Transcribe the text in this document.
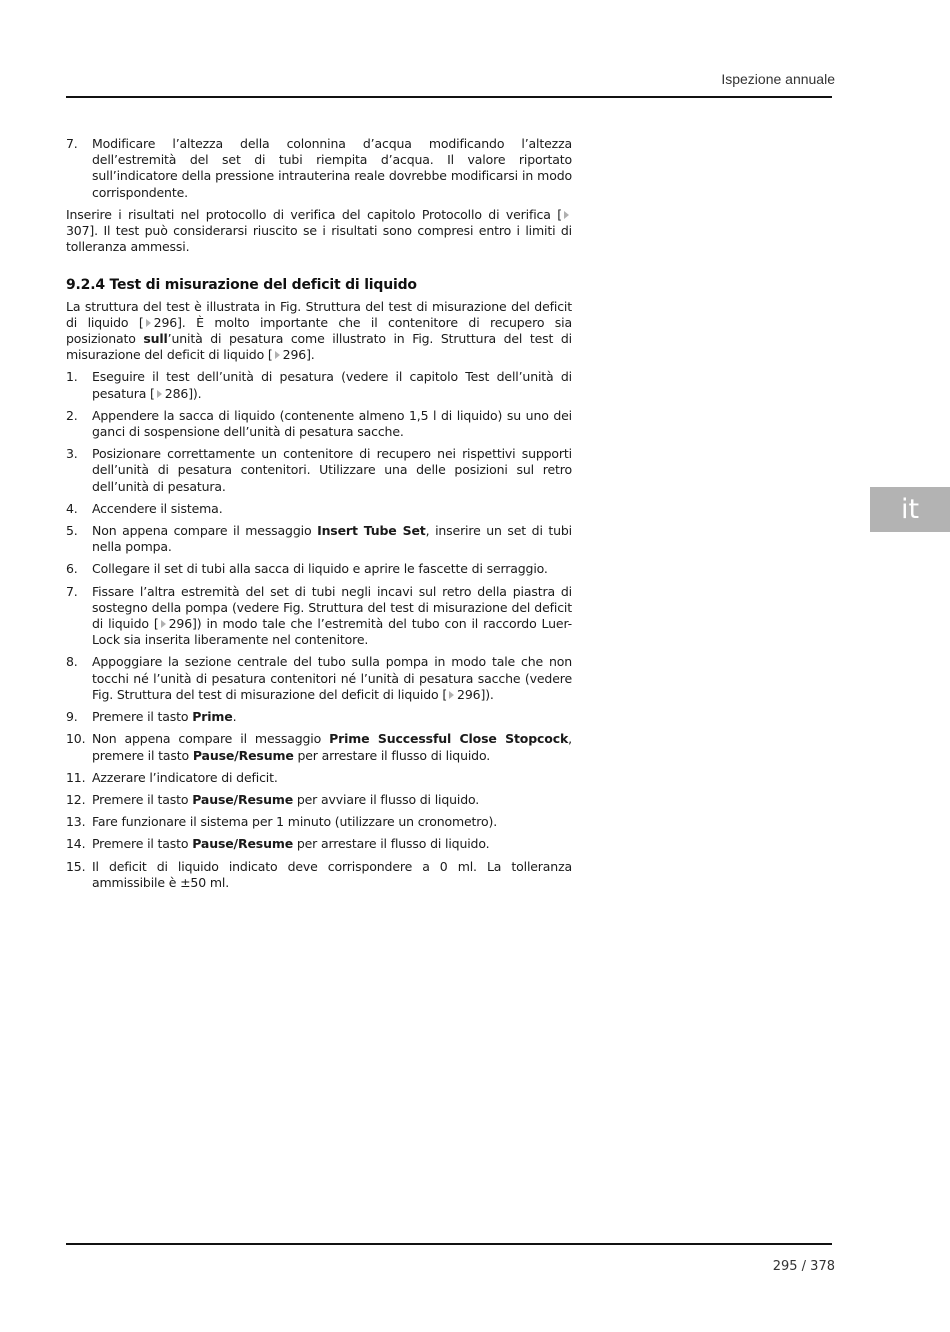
Ispezione annuale
it
7. Modificare l’altezza della colonnina d’acqua modificando l’altezza dell’estremità del set di tubi riempita d’acqua. Il valore riportato sull’indicatore della pressione intrauterina reale dovrebbe modificarsi in modo corrispondente.

Inserire i risultati nel protocollo di verifica del capitolo Protocollo di verifica [307]. Il test può considerarsi riuscito se i risultati sono compresi entro i limiti di tolleranza ammessi.

9.2.4 Test di misurazione del deficit di liquido

La struttura del test è illustrata in Fig. Struttura del test di misurazione del deficit di liquido [ 296]. È molto importante che il contenitore di recupero sia posizionato sull’unità di pesatura come illustrato in Fig. Struttura del test di misurazione del deficit di liquido [ 296].

1. Eseguire il test dell’unità di pesatura (vedere il capitolo Test dell’unità di pesatura [ 286]).
2. Appendere la sacca di liquido (contenente almeno 1,5 l di liquido) su uno dei ganci di sospensione dell’unità di pesatura sacche.
3. Posizionare correttamente un contenitore di recupero nei rispettivi supporti dell’unità di pesatura contenitori. Utilizzare una delle posizioni sul retro dell’unità di pesatura.
4. Accendere il sistema.
5. Non appena compare il messaggio Insert Tube Set, inserire un set di tubi nella pompa.
6. Collegare il set di tubi alla sacca di liquido e aprire le fascette di serraggio.
7. Fissare l’altra estremità del set di tubi negli incavi sul retro della piastra di sostegno della pompa (vedere Fig. Struttura del test di misurazione del deficit di liquido [ 296]) in modo tale che l’estremità del tubo con il raccordo Luer-Lock sia inserita liberamente nel contenitore.
8. Appoggiare la sezione centrale del tubo sulla pompa in modo tale che non tocchi né l’unità di pesatura contenitori né l’unità di pesatura sacche (vedere Fig. Struttura del test di misurazione del deficit di liquido [ 296]).
9. Premere il tasto Prime.
10. Non appena compare il messaggio Prime Successful Close Stopcock, premere il tasto Pause/Resume per arrestare il flusso di liquido.
11. Azzerare l’indicatore di deficit.
12. Premere il tasto Pause/Resume per avviare il flusso di liquido.
13. Fare funzionare il sistema per 1 minuto (utilizzare un cronometro).
14. Premere il tasto Pause/Resume per arrestare il flusso di liquido.
15. Il deficit di liquido indicato deve corrispondere a 0 ml. La tolleranza ammissibile è ±50 ml.
295 / 378
